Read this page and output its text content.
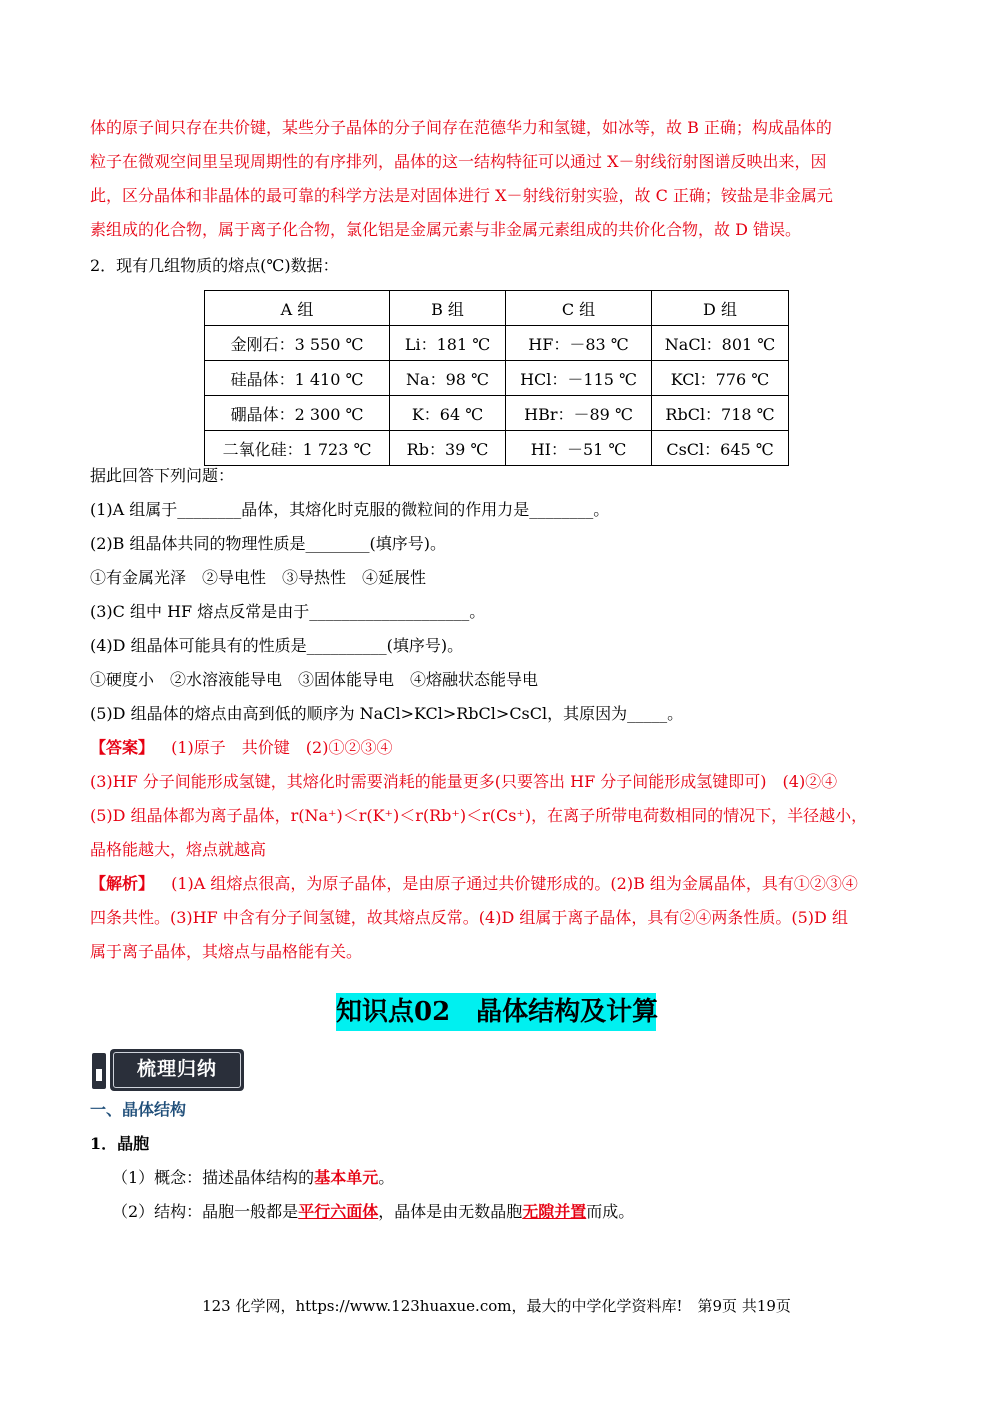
体的原子间只存在共价键，某些分子晶体的分子间存在范德华力和氢键，如冰等，故 B 正确；构成晶体的
粒子在微观空间里呈现周期性的有序排列，晶体的这一结构特征可以通过 X－射线衍射图谱反映出来，因
此，区分晶体和非晶体的最可靠的科学方法是对固体进行 X－射线衍射实验，故 C 正确；铵盐是非金属元
素组成的化合物，属于离子化合物，氯化铝是金属元素与非金属元素组成的共价化合物，故 D 错误。
2．现有几组物质的熔点(℃)数据：
A 组	B 组	C 组	D 组
金刚石：3 550 ℃	Li：181 ℃	HF：－83 ℃	NaCl：801 ℃
硅晶体：1 410 ℃	Na：98 ℃	HCl：－115 ℃	KCl：776 ℃
硼晶体：2 300 ℃	K：64 ℃	HBr：－89 ℃	RbCl：718 ℃
二氧化硅：1 723 ℃	Rb：39 ℃	HI：－51 ℃	CsCl：645 ℃
据此回答下列问题：
(1)A 组属于________晶体，其熔化时克服的微粒间的作用力是________。
(2)B 组晶体共同的物理性质是________(填序号)。
①有金属光泽　②导电性　③导热性　④延展性
(3)C 组中 HF 熔点反常是由于____________________。
(4)D 组晶体可能具有的性质是__________(填序号)。
①硬度小　②水溶液能导电　③固体能导电　④熔融状态能导电
(5)D 组晶体的熔点由高到低的顺序为 NaCl>KCl>RbCl>CsCl，其原因为_____。
【答案】 (1)原子　共价键　(2)①②③④
(3)HF 分子间能形成氢键，其熔化时需要消耗的能量更多(只要答出 HF 分子间能形成氢键即可)　(4)②④
(5)D 组晶体都为离子晶体，r(Na⁺)＜r(K⁺)＜r(Rb⁺)＜r(Cs⁺)，在离子所带电荷数相同的情况下，半径越小，
晶格能越大，熔点就越高
【解析】 (1)A 组熔点很高，为原子晶体，是由原子通过共价键形成的。(2)B 组为金属晶体，具有①②③④
四条共性。(3)HF 中含有分子间氢键，故其熔点反常。(4)D 组属于离子晶体，具有②④两条性质。(5)D 组
属于离子晶体，其熔点与晶格能有关。
知识点02　晶体结构及计算
梳理归纳
一、晶体结构
1．晶胞
（1）概念：描述晶体结构的基本单元。
（2）结构：晶胞一般都是平行六面体，晶体是由无数晶胞无隙并置而成。
123 化学网，https://www.123huaxue.com，最大的中学化学资料库!　第9页 共19页
